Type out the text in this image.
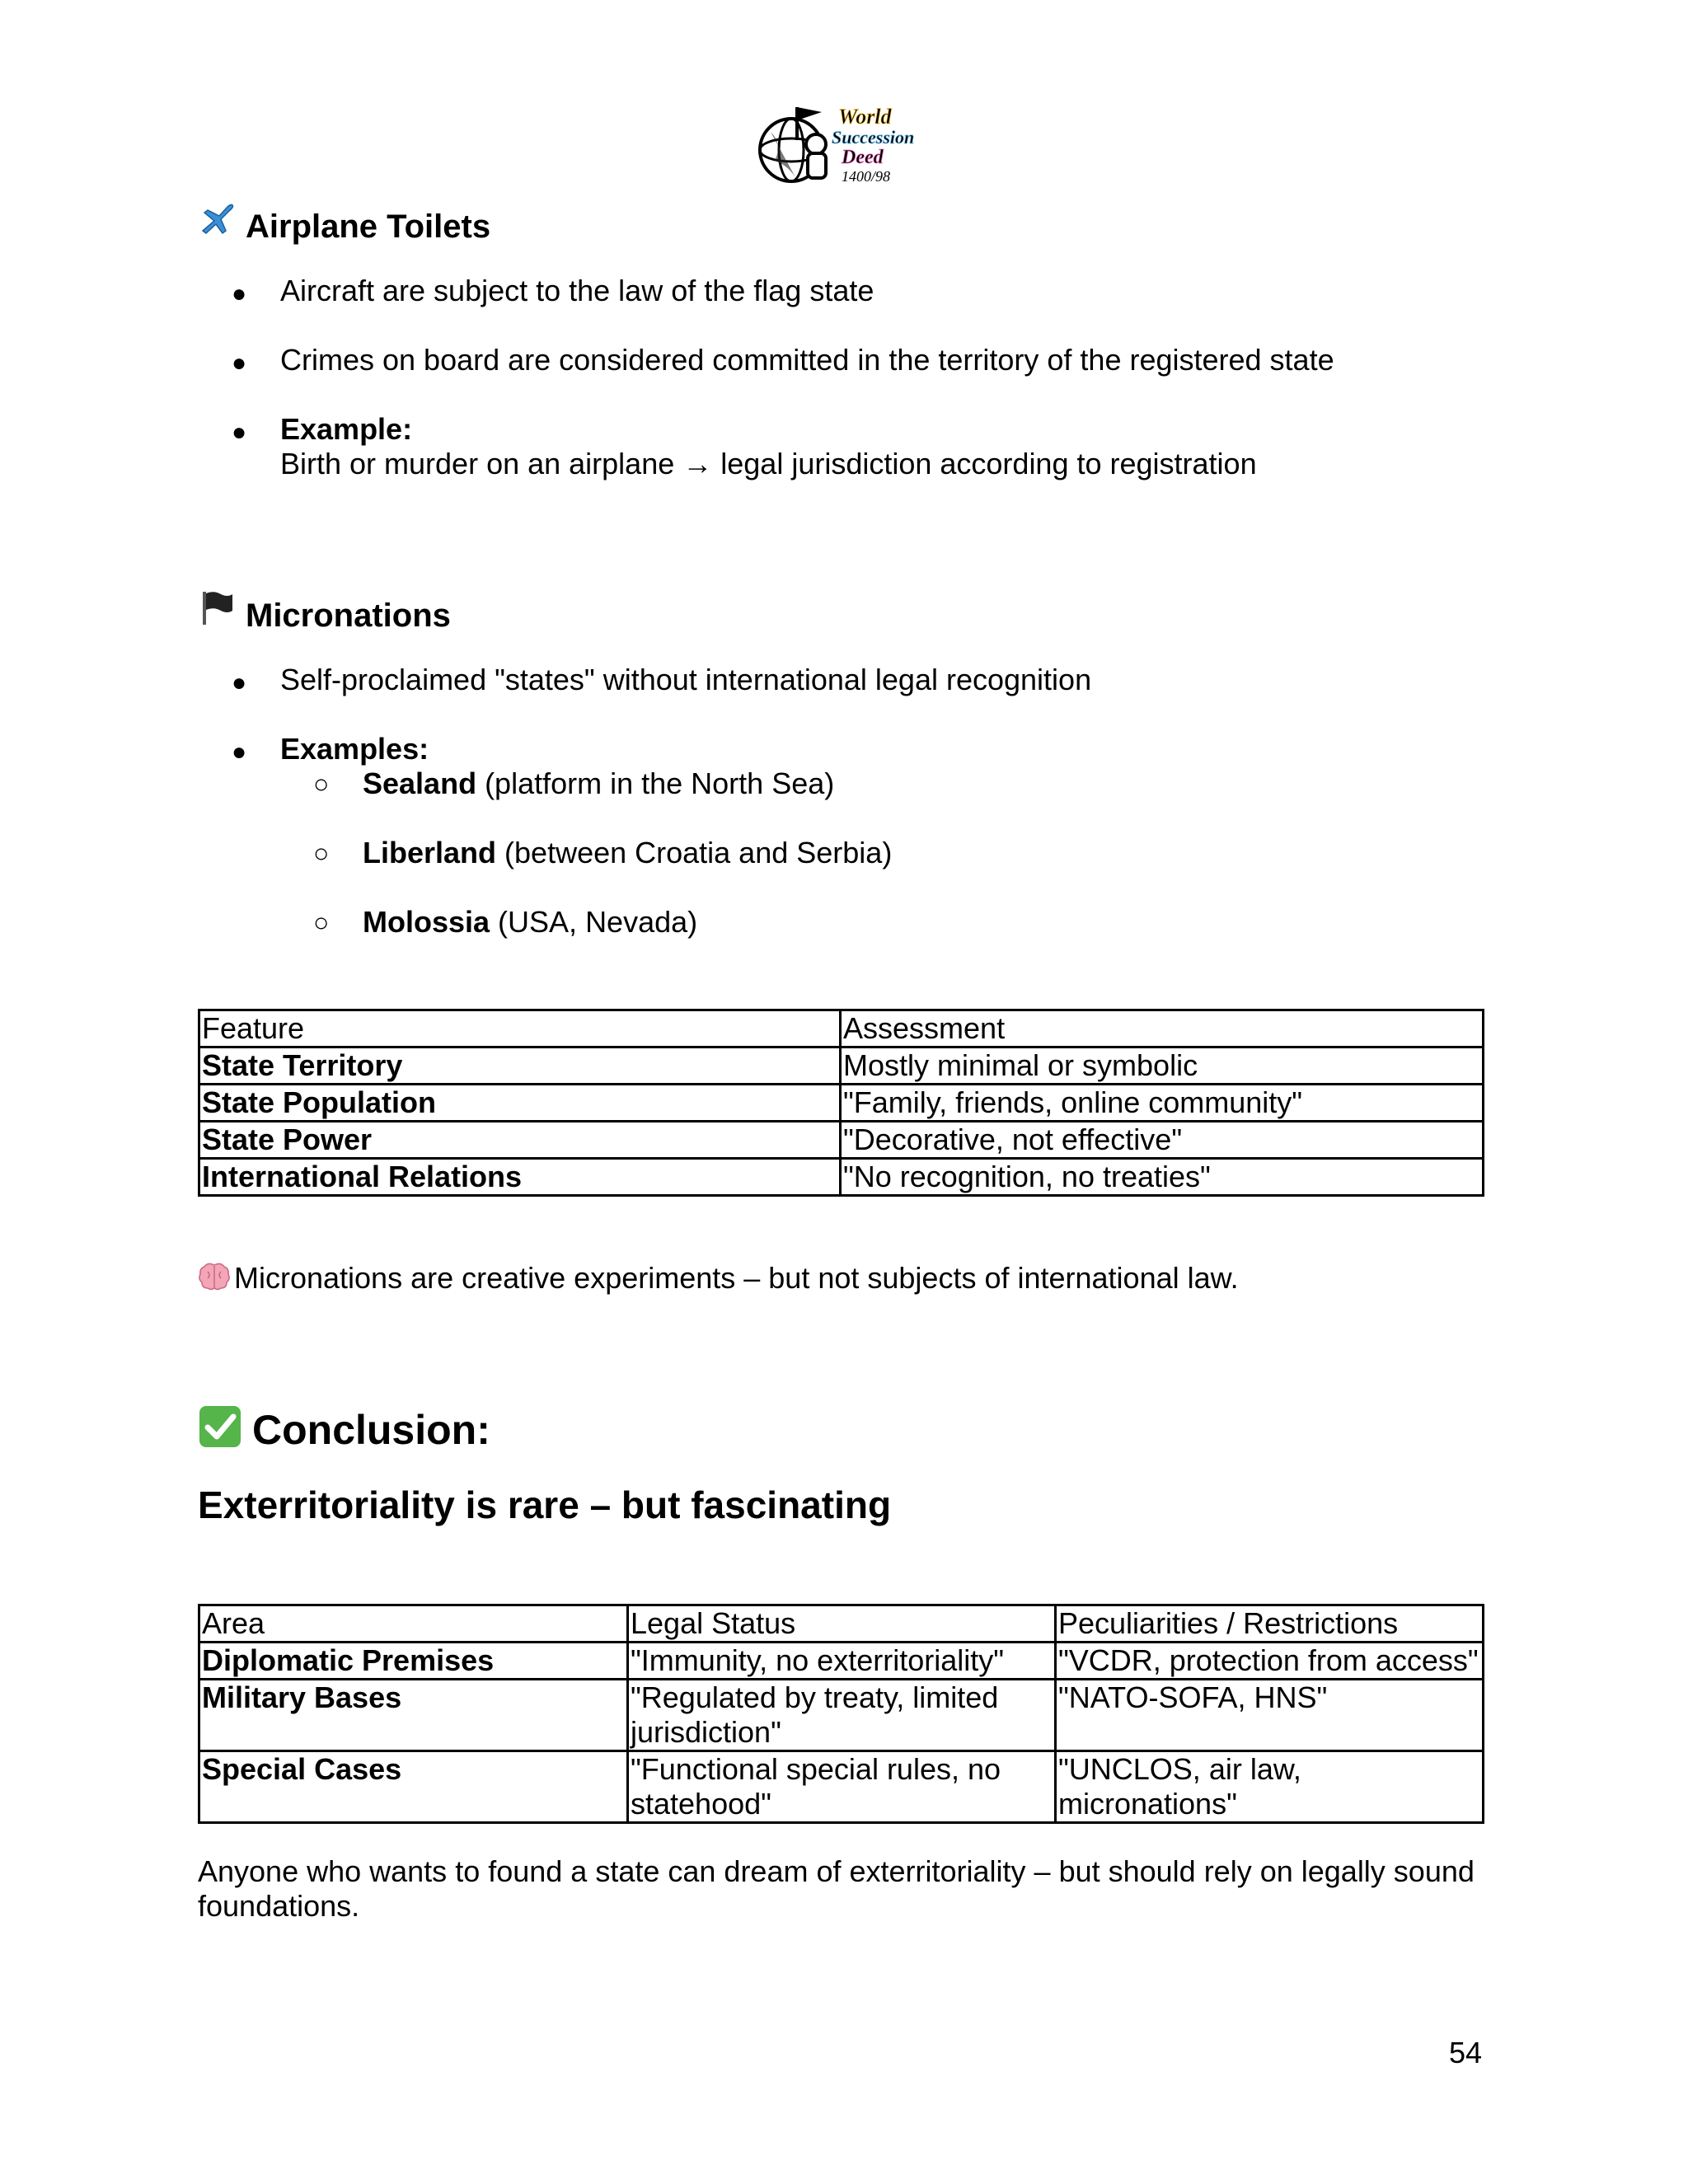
World
Succession
Deed
1400/98
Airplane Toilets
● Aircraft are subject to the law of the flag state
● Crimes on board are considered committed in the territory of the registered state
● Example:
Birth or murder on an airplane → legal jurisdiction according to registration
Micronations
● Self-proclaimed "states" without international legal recognition
● Examples:
○ Sealand (platform in the North Sea)
○ Liberland (between Croatia and Serbia)
○ Molossia (USA, Nevada)
Feature	Assessment
State Territory	Mostly minimal or symbolic
State Population	"Family, friends, online community"
State Power	"Decorative, not effective"
International Relations	"No recognition, no treaties"
Micronations are creative experiments – but not subjects of international law.
Conclusion:
Exterritoriality is rare – but fascinating
Area	Legal Status	Peculiarities / Restrictions
Diplomatic Premises	"Immunity, no exterritoriality"	"VCDR, protection from access"
Military Bases	"Regulated by treaty, limited jurisdiction"	"NATO-SOFA, HNS"
Special Cases	"Functional special rules, no statehood"	"UNCLOS, air law, micronations"
Anyone who wants to found a state can dream of exterritoriality – but should rely on legally sound foundations.
54
